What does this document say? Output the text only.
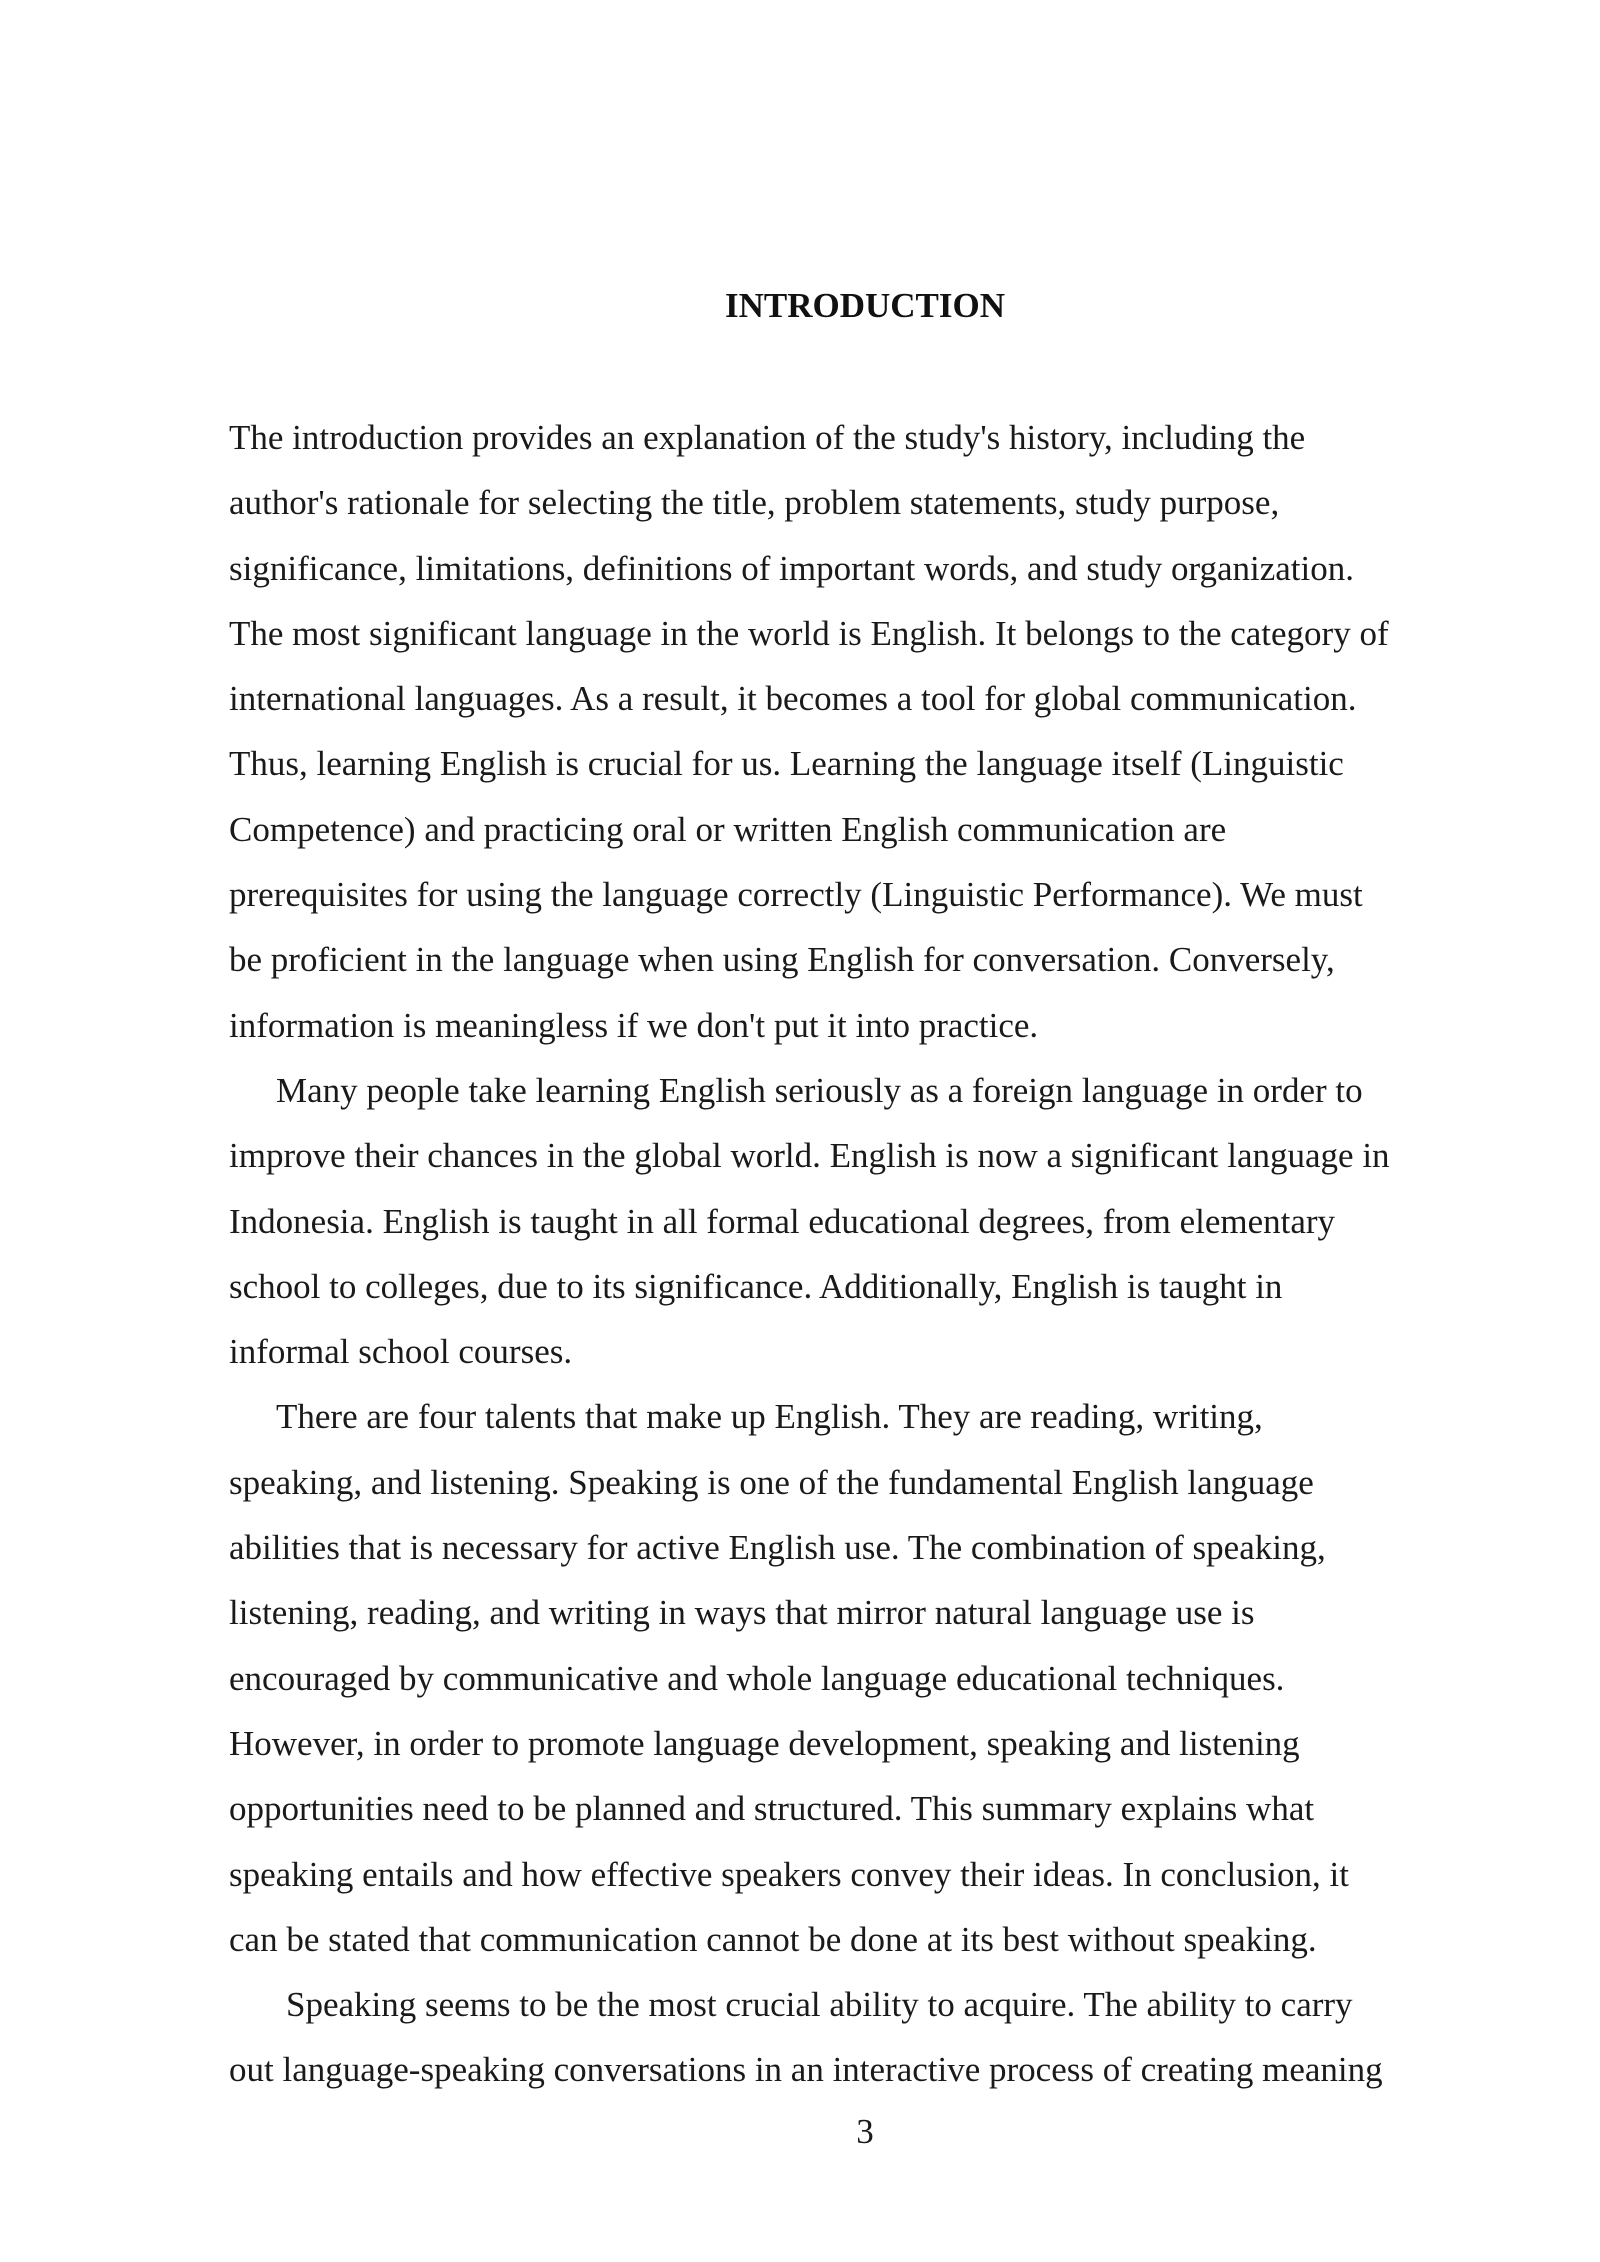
INTRODUCTION
The introduction provides an explanation of the study's history, including the
author's rationale for selecting the title, problem statements, study purpose,
significance, limitations, definitions of important words, and study organization.
The most significant language in the world is English. It belongs to the category of
international languages. As a result, it becomes a tool for global communication.
Thus, learning English is crucial for us. Learning the language itself (Linguistic
Competence) and practicing oral or written English communication are
prerequisites for using the language correctly (Linguistic Performance). We must
be proficient in the language when using English for conversation. Conversely,
information is meaningless if we don't put it into practice.
Many people take learning English seriously as a foreign language in order to
improve their chances in the global world. English is now a significant language in
Indonesia. English is taught in all formal educational degrees, from elementary
school to colleges, due to its significance. Additionally, English is taught in
informal school courses.
There are four talents that make up English. They are reading, writing,
speaking, and listening. Speaking is one of the fundamental English language
abilities that is necessary for active English use. The combination of speaking,
listening, reading, and writing in ways that mirror natural language use is
encouraged by communicative and whole language educational techniques.
However, in order to promote language development, speaking and listening
opportunities need to be planned and structured. This summary explains what
speaking entails and how effective speakers convey their ideas. In conclusion, it
can be stated that communication cannot be done at its best without speaking.
Speaking seems to be the most crucial ability to acquire. The ability to carry
out language-speaking conversations in an interactive process of creating meaning
3
